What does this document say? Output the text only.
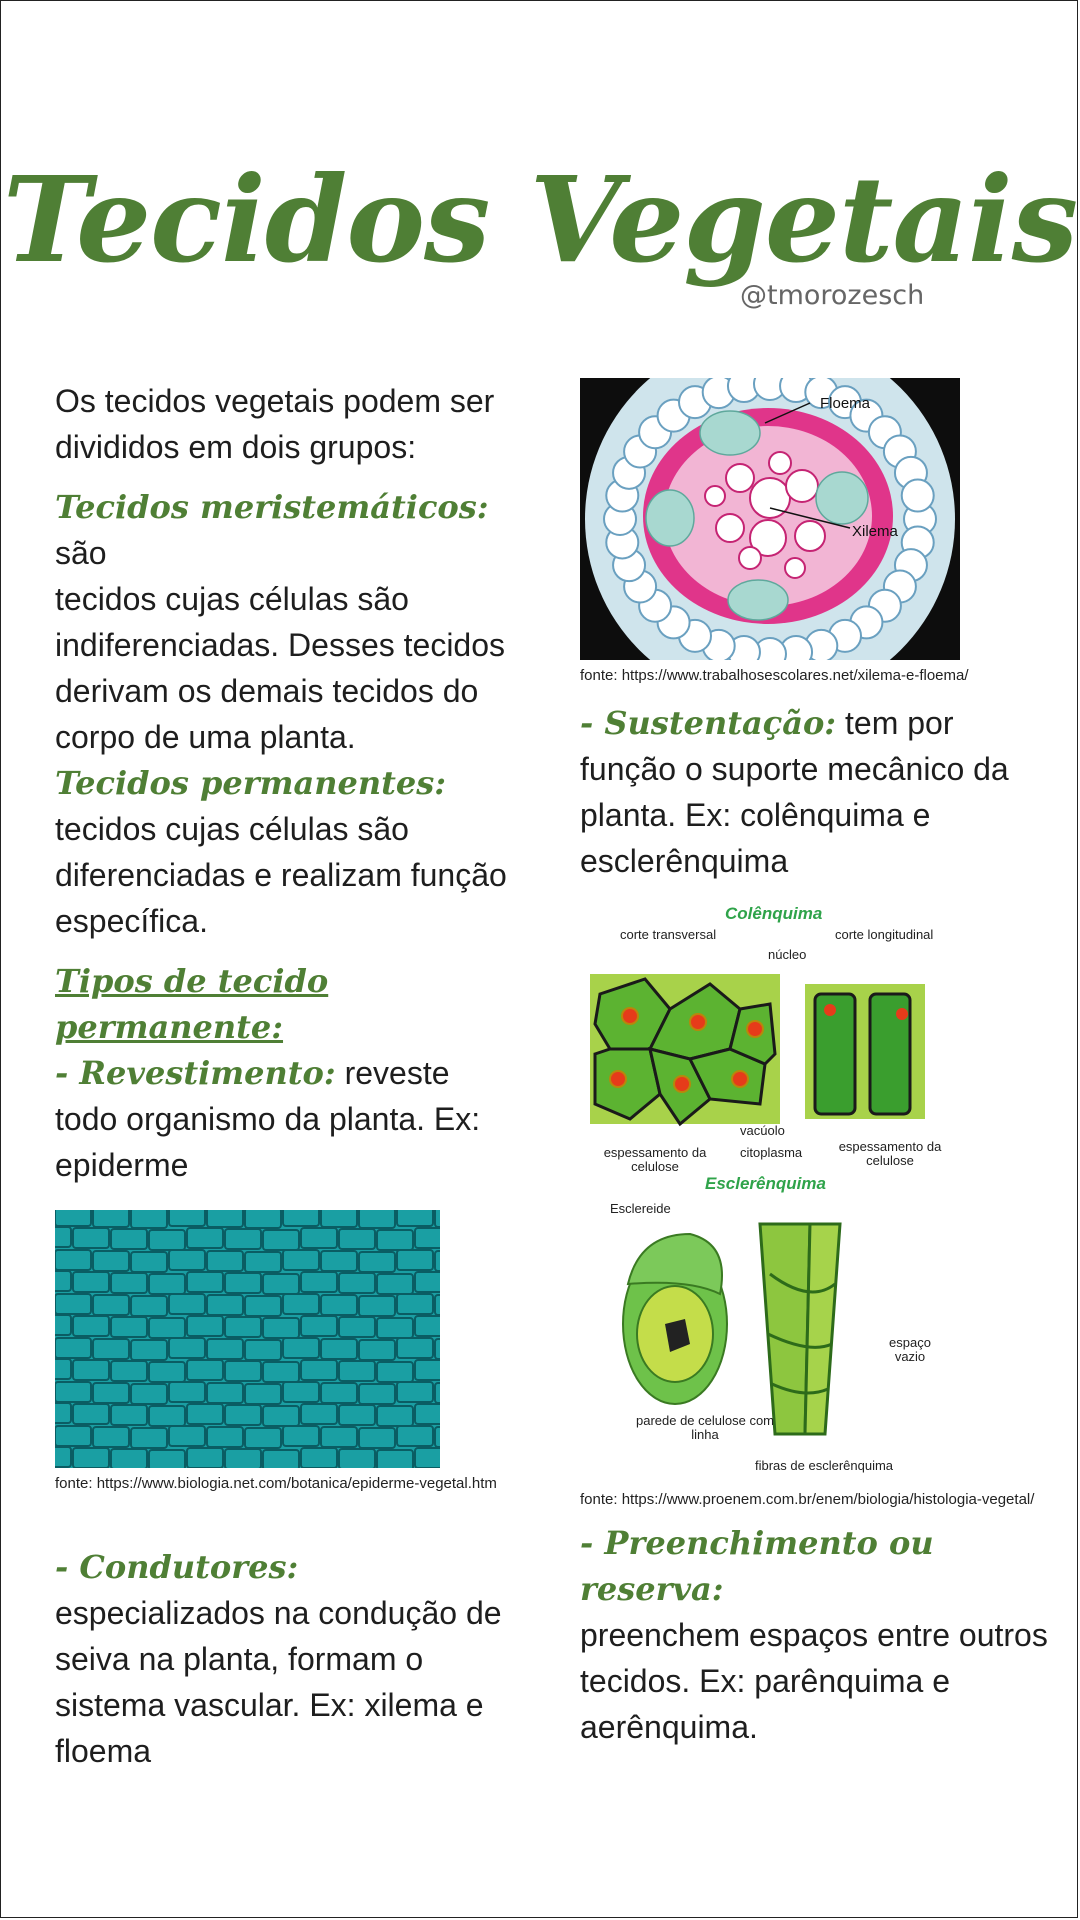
Tecidos Vegetais
@tmorozesch

Os tecidos vegetais podem ser divididos em dois grupos:

Tecidos meristemáticos: são
tecidos cujas células são indiferenciadas. Desses tecidos derivam os demais tecidos do corpo de uma planta.

Tecidos permanentes:
tecidos cujas células são diferenciadas e realizam função específica.

Tipos de tecido permanente:

- Revestimento: reveste todo organismo da planta. Ex: epiderme

fonte: https://www.biologia.net.com/botanica/epiderme-vegetal.htm

- Condutores: especializados na condução de seiva na planta, formam o sistema vascular. Ex: xilema e floema

Floema
Xilema

fonte: https://www.trabalhosescolares.net/xilema-e-floema/

- Sustentação: tem por função o suporte mecânico da planta. Ex: colênquima e esclerênquima

Colênquima
corte transversal	corte longitudinal
núcleo
vacúolo
espessamento da celulose
citoplasma	espessamento da celulose
Esclerênquima
Esclereide
espaço vazio
parede de celulose com linha
fibras de esclerênquima

fonte: https://www.proenem.com.br/enem/biologia/histologia-vegetal/

- Preenchimento ou reserva:
preenchem espaços entre outros tecidos. Ex: parênquima e aerênquima.
